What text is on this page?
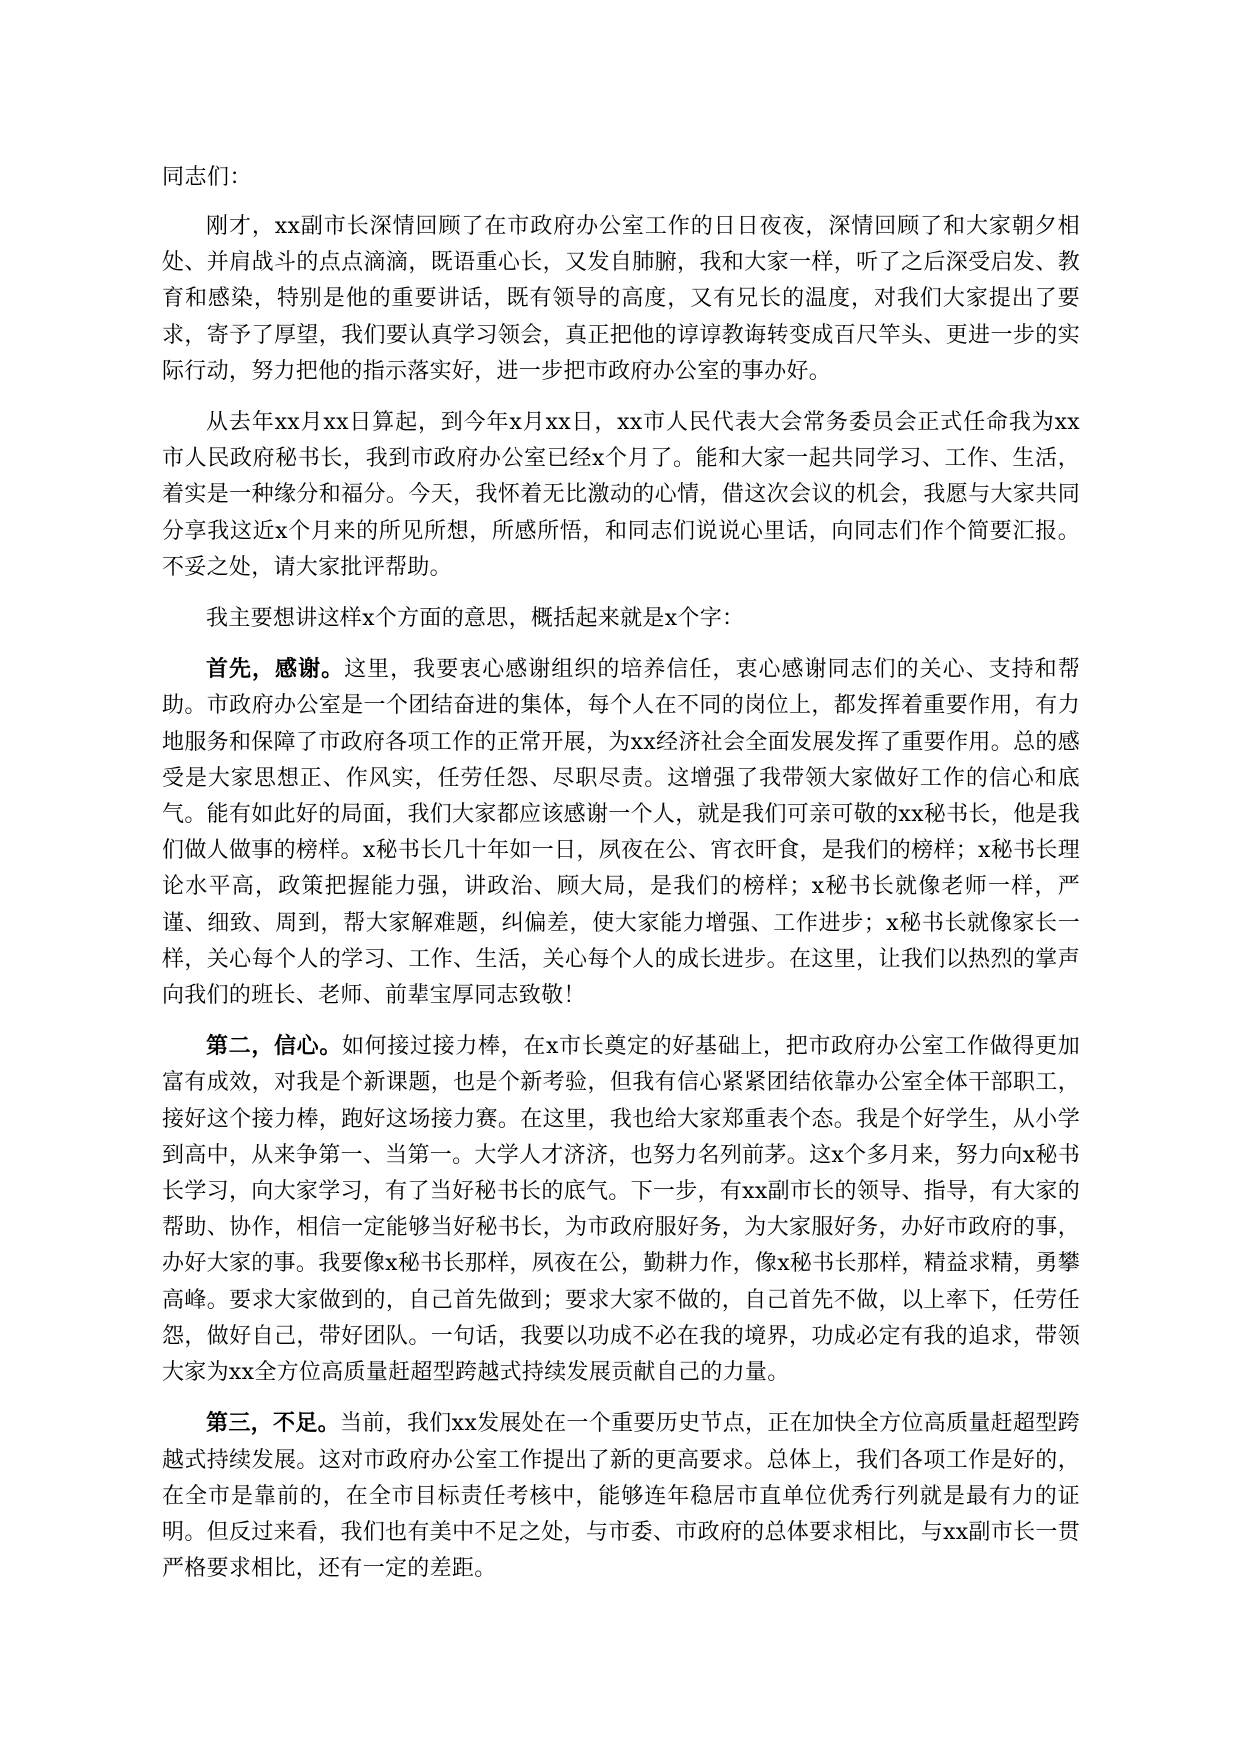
同志们：

刚才，xx副市长深情回顾了在市政府办公室工作的日日夜夜，深情回顾了和大家朝夕相处、并肩战斗的点点滴滴，既语重心长，又发自肺腑，我和大家一样，听了之后深受启发、教育和感染，特别是他的重要讲话，既有领导的高度，又有兄长的温度，对我们大家提出了要求，寄予了厚望，我们要认真学习领会，真正把他的谆谆教诲转变成百尺竿头、更进一步的实际行动，努力把他的指示落实好，进一步把市政府办公室的事办好。

从去年xx月xx日算起，到今年x月xx日，xx市人民代表大会常务委员会正式任命我为xx市人民政府秘书长，我到市政府办公室已经x个月了。能和大家一起共同学习、工作、生活，着实是一种缘分和福分。今天，我怀着无比激动的心情，借这次会议的机会，我愿与大家共同分享我这近x个月来的所见所想，所感所悟，和同志们说说心里话，向同志们作个简要汇报。不妥之处，请大家批评帮助。

我主要想讲这样x个方面的意思，概括起来就是x个字：

首先，感谢。这里，我要衷心感谢组织的培养信任，衷心感谢同志们的关心、支持和帮助。市政府办公室是一个团结奋进的集体，每个人在不同的岗位上，都发挥着重要作用，有力地服务和保障了市政府各项工作的正常开展，为xx经济社会全面发展发挥了重要作用。总的感受是大家思想正、作风实，任劳任怨、尽职尽责。这增强了我带领大家做好工作的信心和底气。能有如此好的局面，我们大家都应该感谢一个人，就是我们可亲可敬的xx秘书长，他是我们做人做事的榜样。x秘书长几十年如一日，夙夜在公、宵衣旰食，是我们的榜样；x秘书长理论水平高，政策把握能力强，讲政治、顾大局，是我们的榜样；x秘书长就像老师一样，严谨、细致、周到，帮大家解难题，纠偏差，使大家能力增强、工作进步；x秘书长就像家长一样，关心每个人的学习、工作、生活，关心每个人的成长进步。在这里，让我们以热烈的掌声向我们的班长、老师、前辈宝厚同志致敬！

第二，信心。如何接过接力棒，在x市长奠定的好基础上，把市政府办公室工作做得更加富有成效，对我是个新课题，也是个新考验，但我有信心紧紧团结依靠办公室全体干部职工，接好这个接力棒，跑好这场接力赛。在这里，我也给大家郑重表个态。我是个好学生，从小学到高中，从来争第一、当第一。大学人才济济，也努力名列前茅。这x个多月来，努力向x秘书长学习，向大家学习，有了当好秘书长的底气。下一步，有xx副市长的领导、指导，有大家的帮助、协作，相信一定能够当好秘书长，为市政府服好务，为大家服好务，办好市政府的事，办好大家的事。我要像x秘书长那样，夙夜在公，勤耕力作，像x秘书长那样，精益求精，勇攀高峰。要求大家做到的，自己首先做到；要求大家不做的，自己首先不做，以上率下，任劳任怨，做好自己，带好团队。一句话，我要以功成不必在我的境界，功成必定有我的追求，带领大家为xx全方位高质量赶超型跨越式持续发展贡献自己的力量。

第三，不足。当前，我们xx发展处在一个重要历史节点，正在加快全方位高质量赶超型跨越式持续发展。这对市政府办公室工作提出了新的更高要求。总体上，我们各项工作是好的，在全市是靠前的，在全市目标责任考核中，能够连年稳居市直单位优秀行列就是最有力的证明。但反过来看，我们也有美中不足之处，与市委、市政府的总体要求相比，与xx副市长一贯严格要求相比，还有一定的差距。
